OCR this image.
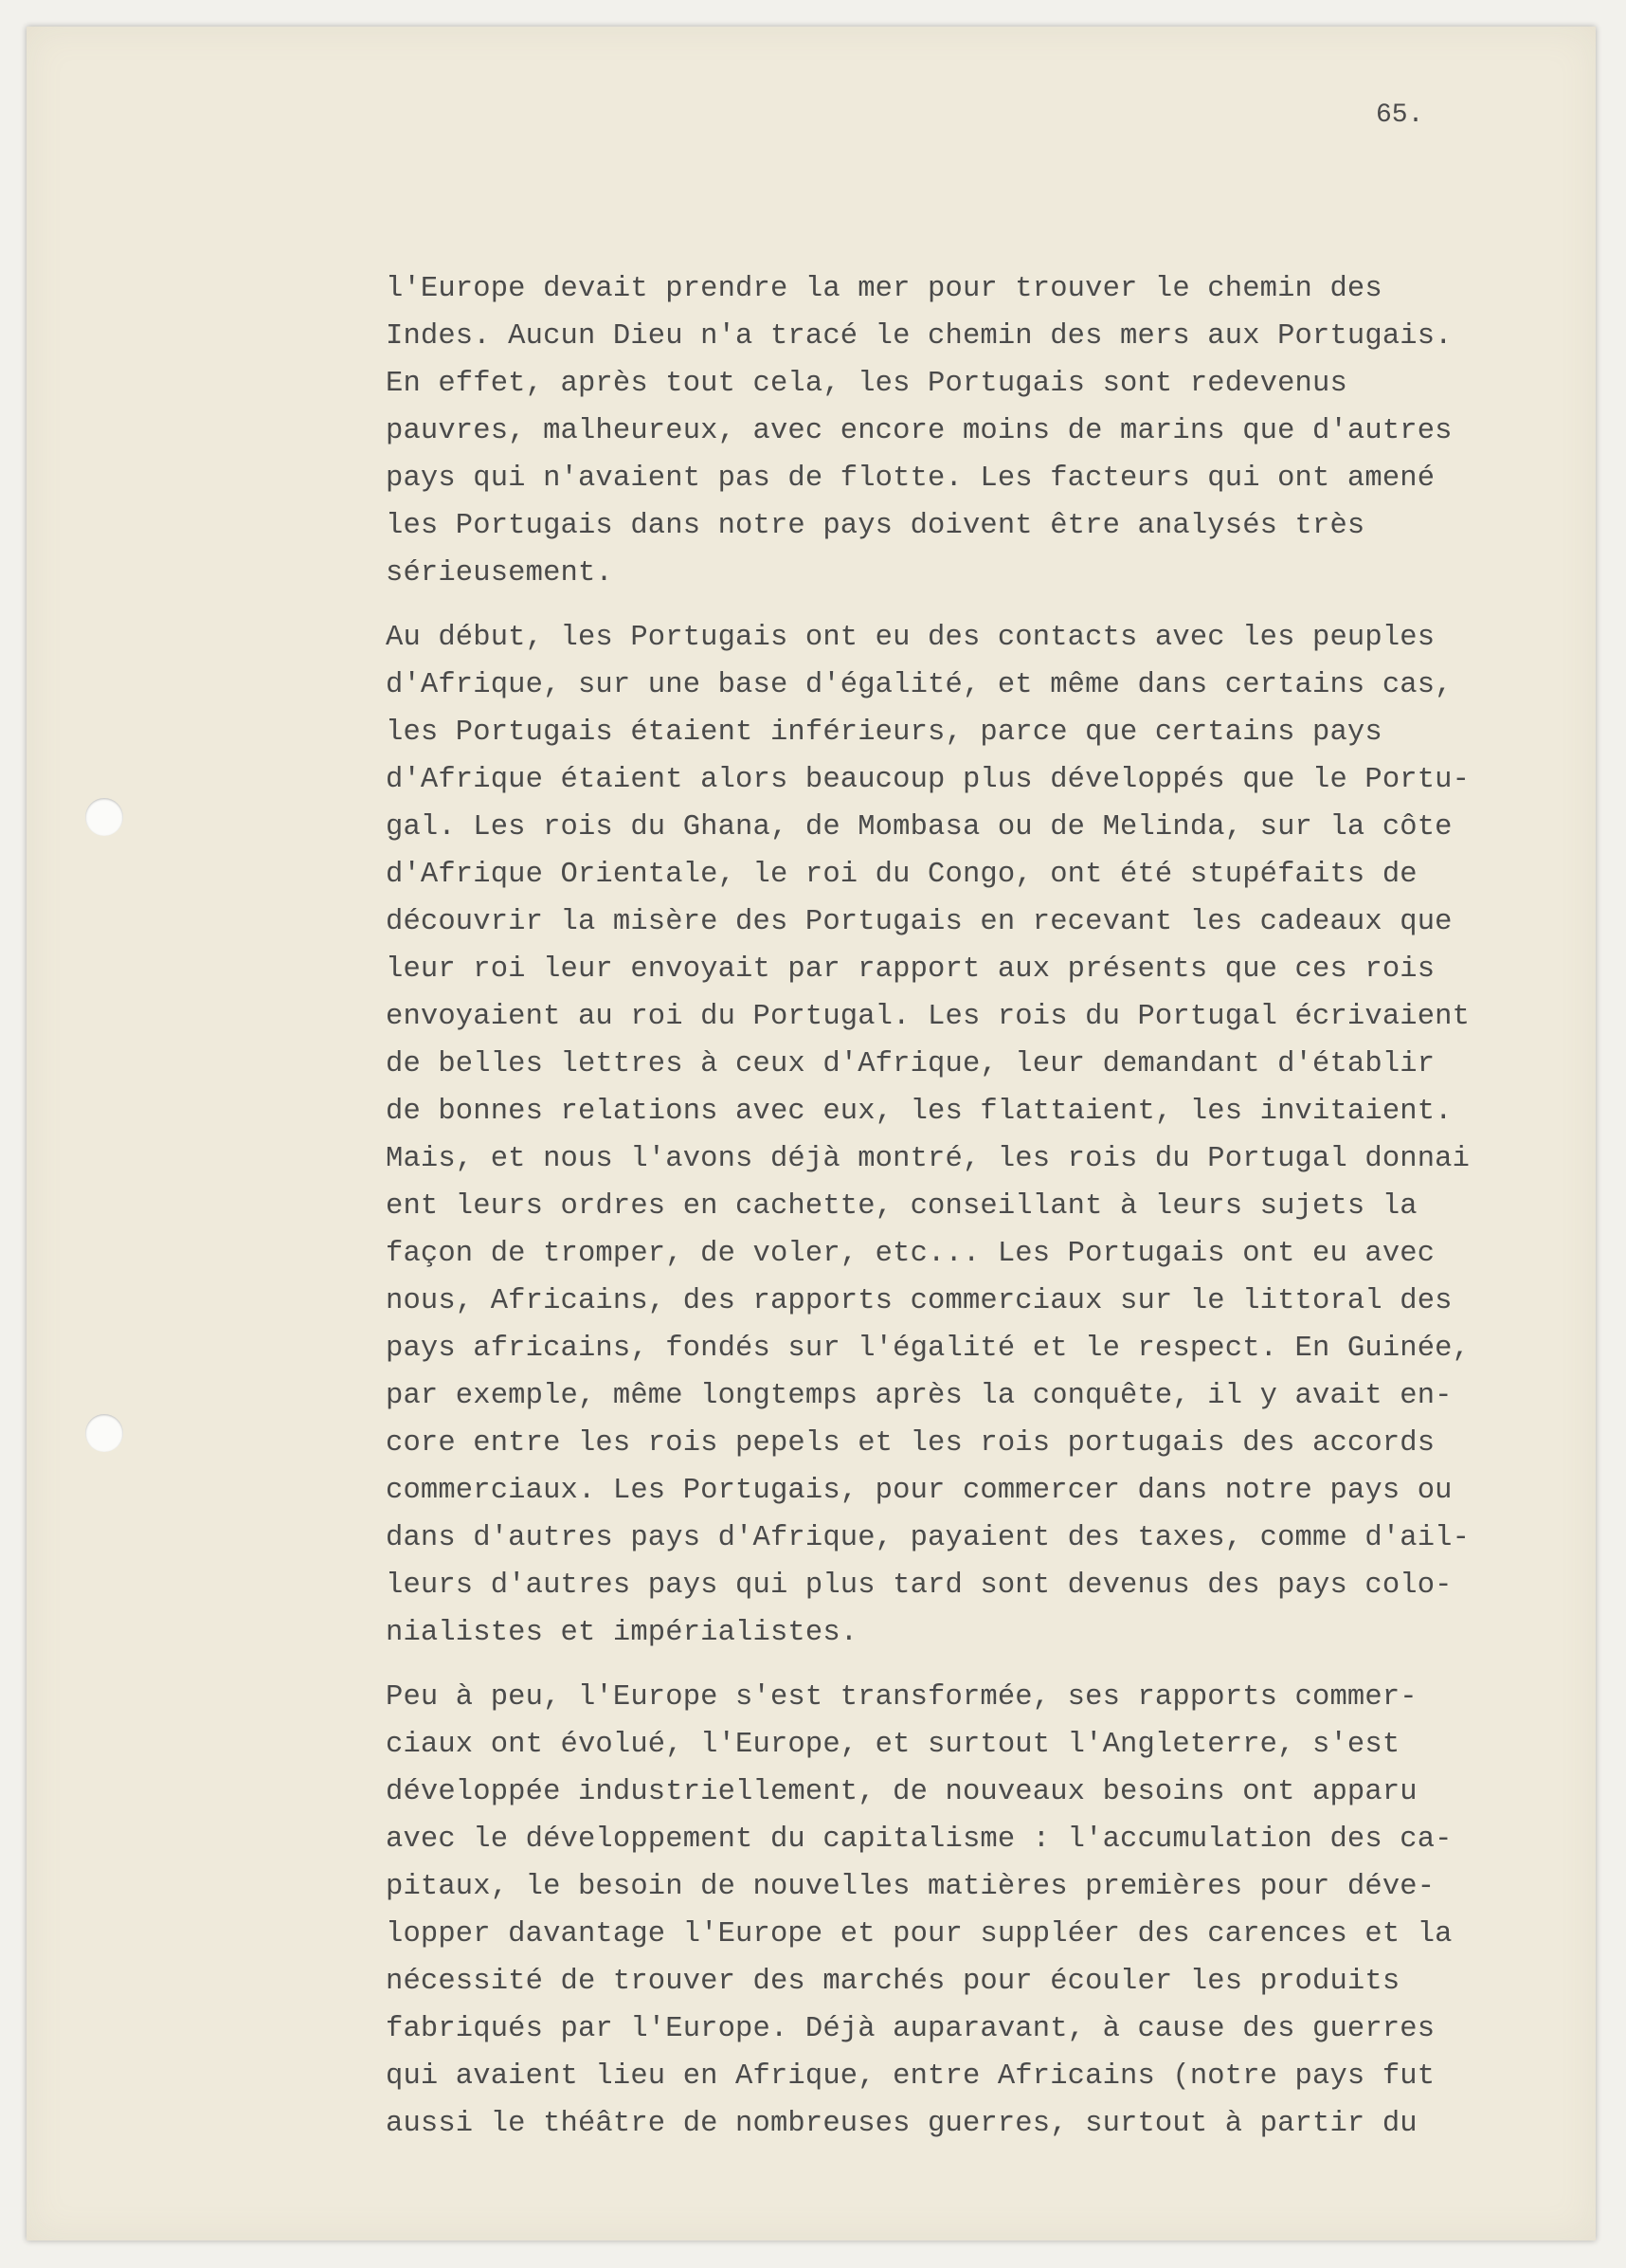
65.
l'Europe devait prendre la mer pour trouver le chemin des
Indes. Aucun Dieu n'a tracé le chemin des mers aux Portugais.
En effet, après tout cela, les Portugais sont redevenus
pauvres, malheureux, avec encore moins de marins que d'autres
pays qui n'avaient pas de flotte. Les facteurs qui ont amené
les Portugais dans notre pays doivent être analysés très
sérieusement.
Au début, les Portugais ont eu des contacts avec les peuples
d'Afrique, sur une base d'égalité, et même dans certains cas,
les Portugais étaient inférieurs, parce que certains pays
d'Afrique étaient alors beaucoup plus développés que le Portu-
gal. Les rois du Ghana, de Mombasa ou de Melinda, sur la côte
d'Afrique Orientale, le roi du Congo, ont été stupéfaits de
découvrir la misère des Portugais en recevant les cadeaux que
leur roi leur envoyait par rapport aux présents que ces rois
envoyaient au roi du Portugal. Les rois du Portugal écrivaient
de belles lettres à ceux d'Afrique, leur demandant d'établir
de bonnes relations avec eux, les flattaient, les invitaient.
Mais, et nous l'avons déjà montré, les rois du Portugal donnai
ent leurs ordres en cachette, conseillant à leurs sujets la
façon de tromper, de voler, etc... Les Portugais ont eu avec
nous, Africains, des rapports commerciaux sur le littoral des
pays africains, fondés sur l'égalité et le respect. En Guinée,
par exemple, même longtemps après la conquête, il y avait en-
core entre les rois pepels et les rois portugais des accords
commerciaux. Les Portugais, pour commercer dans notre pays ou
dans d'autres pays d'Afrique, payaient des taxes, comme d'ail-
leurs d'autres pays qui plus tard sont devenus des pays colo-
nialistes et impérialistes.
Peu à peu, l'Europe s'est transformée, ses rapports commer-
ciaux ont évolué, l'Europe, et surtout l'Angleterre, s'est
développée industriellement, de nouveaux besoins ont apparu
avec le développement du capitalisme : l'accumulation des ca-
pitaux, le besoin de nouvelles matières premières pour déve-
lopper davantage l'Europe et pour suppléer des carences et la
nécessité de trouver des marchés pour écouler les produits
fabriqués par l'Europe. Déjà auparavant, à cause des guerres
qui avaient lieu en Afrique, entre Africains (notre pays fut
aussi le théâtre de nombreuses guerres, surtout à partir du
